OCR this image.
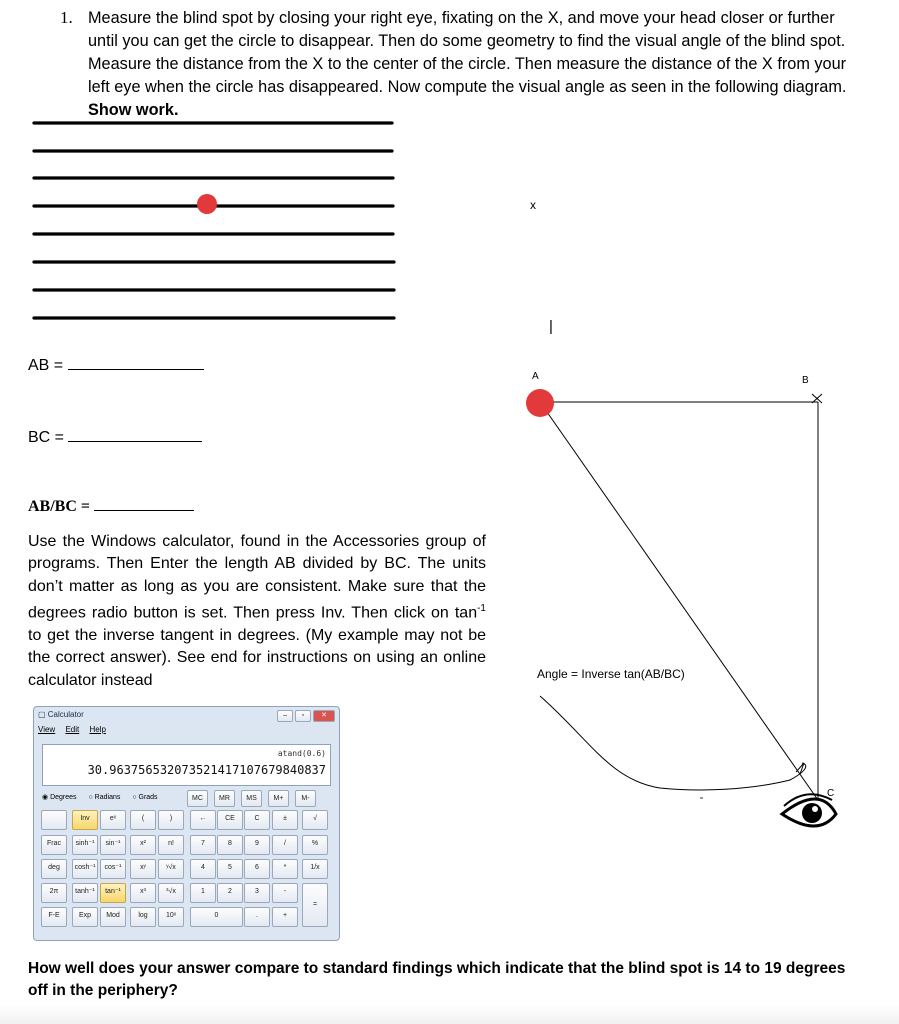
1. Measure the blind spot by closing your right eye, fixating on the X, and move your head closer or further until you can get the circle to disappear. Then do some geometry to find the visual angle of the blind spot. Measure the distance from the X to the center of the circle. Then measure the distance of the X from your left eye when the circle has disappeared. Now compute the visual angle as seen in the following diagram. Show work.
x
|
AB =
BC =
AB/BC =
Use the Windows calculator, found in the Accessories group of programs. Then Enter the length AB divided by BC. The units don’t matter as long as you are consistent. Make sure that the degrees radio button is set. Then press Inv. Then click on $\tan^{-1}$ to get the inverse tangent in degrees. (My example may not be the correct answer). See end for instructions on using an online calculator instead
A	B
C
Angle = Inverse tan(AB/BC)
▢ Calculator	– ▫ ✕
View Edit Help
atand(0.6)
30.963756532073521417107679840837
◉ Degrees ○ Radians ○ Grads	MC	MR	MS	M+	M-
Inv	eˣ	(	)	←	CE	C	±	√
Frac	sinh⁻¹	sin⁻¹	x²	n!	7	8	9	/	%
deg	cosh⁻¹	cos⁻¹	xʸ	ʸ√x	4	5	6	*	1/x
2π	tanh⁻¹	tan⁻¹	x³	³√x	1	2	3	-
=
F-E	Exp	Mod	log	10ˣ	0	.	+
How well does your answer compare to standard findings which indicate that the blind spot is 14 to 19 degrees off in the periphery?
